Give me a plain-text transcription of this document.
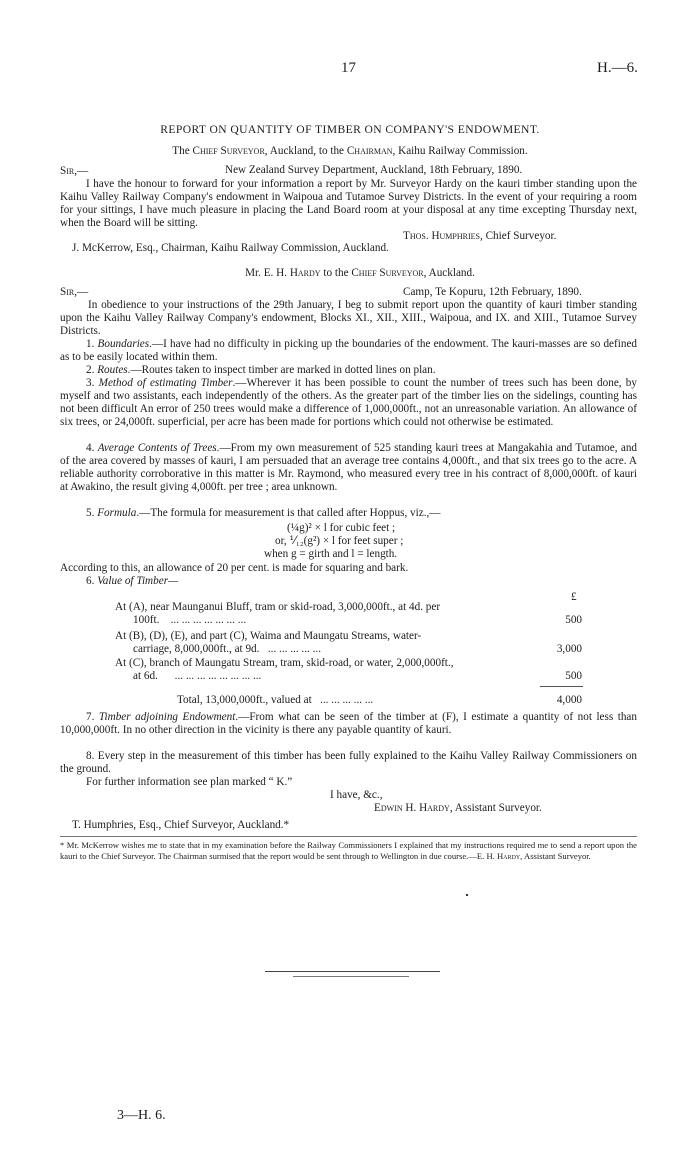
17	H.—6.
REPORT ON QUANTITY OF TIMBER ON COMPANY'S ENDOWMENT.
The Chief Surveyor, Auckland, to the Chairman, Kaihu Railway Commission.
Sir,—	New Zealand Survey Department, Auckland, 18th February, 1890.
I have the honour to forward for your information a report by Mr. Surveyor Hardy on the kauri timber standing upon the Kaihu Valley Railway Company's endowment in Waipoua and Tutamoe Survey Districts. In the event of your requiring a room for your sittings, I have much pleasure in placing the Land Board room at your disposal at any time excepting Thursday next, when the Board will be sitting.
Thos. Humphries, Chief Surveyor.
J. McKerrow, Esq., Chairman, Kaihu Railway Commission, Auckland.
Mr. E. H. Hardy to the Chief Surveyor, Auckland.
Sir,—	Camp, Te Kopuru, 12th February, 1890.
In obedience to your instructions of the 29th January, I beg to submit report upon the quantity of kauri timber standing upon the Kaihu Valley Railway Company's endowment, Blocks XI., XII., XIII., Waipoua, and IX. and XIII., Tutamoe Survey Districts.
1. Boundaries.—I have had no difficulty in picking up the boundaries of the endowment. The kauri-masses are so defined as to be easily located within them.
2. Routes.—Routes taken to inspect timber are marked in dotted lines on plan.
3. Method of estimating Timber.—Wherever it has been possible to count the number of trees such has been done, by myself and two assistants, each independently of the others. As the greater part of the timber lies on the sidelings, counting has not been difficult An error of 250 trees would make a difference of 1,000,000ft., not an unreasonable variation. An allowance of six trees, or 24,000ft. superficial, per acre has been made for portions which could not otherwise be estimated.
4. Average Contents of Trees.—From my own measurement of 525 standing kauri trees at Mangakahia and Tutamoe, and of the area covered by masses of kauri, I am persuaded that an average tree contains 4,000ft., and that six trees go to the acre. A reliable authority corroborative in this matter is Mr. Raymond, who measured every tree in his contract of 8,000,000ft. of kauri at Awakino, the result giving 4,000ft. per tree ; area unknown.
5. Formula.—The formula for measurement is that called after Hoppus, viz.,—
(¼g)² × l for cubic feet ;
or, ⅟₁₂(g²) × l for feet super ;
when g = girth and l = length.
According to this, an allowance of 20 per cent. is made for squaring and bark.
6. Value of Timber—
£
At (A), near Maunganui Bluff, tram or skid-road, 3,000,000ft., at 4d. per
100ft. ... ... ... ... ... ... ...	500
At (B), (D), (E), and part (C), Waima and Maungatu Streams, water-
carriage, 8,000,000ft., at 9d. ... ... ... ... ...	3,000
At (C), branch of Maungatu Stream, tram, skid-road, or water, 2,000,000ft.,
at 6d. ... ... ... ... ... ... ... ...	500
Total, 13,000,000ft., valued at ... ... ... ... ...	4,000
7. Timber adjoining Endowment.—From what can be seen of the timber at (F), I estimate a quantity of not less than 10,000,000ft. In no other direction in the vicinity is there any payable quantity of kauri.
8. Every step in the measurement of this timber has been fully explained to the Kaihu Valley Railway Commissioners on the ground.
For further information see plan marked “ K.”
I have, &c.,
Edwin H. Hardy, Assistant Surveyor.
T. Humphries, Esq., Chief Surveyor, Auckland.*
* Mr. McKerrow wishes me to state that in my examination before the Railway Commissioners I explained that my instructions required me to send a report upon the kauri to the Chief Surveyor. The Chairman surmised that the report would be sent through to Wellington in due course.—E. H. Hardy, Assistant Surveyor.
3—H. 6.
